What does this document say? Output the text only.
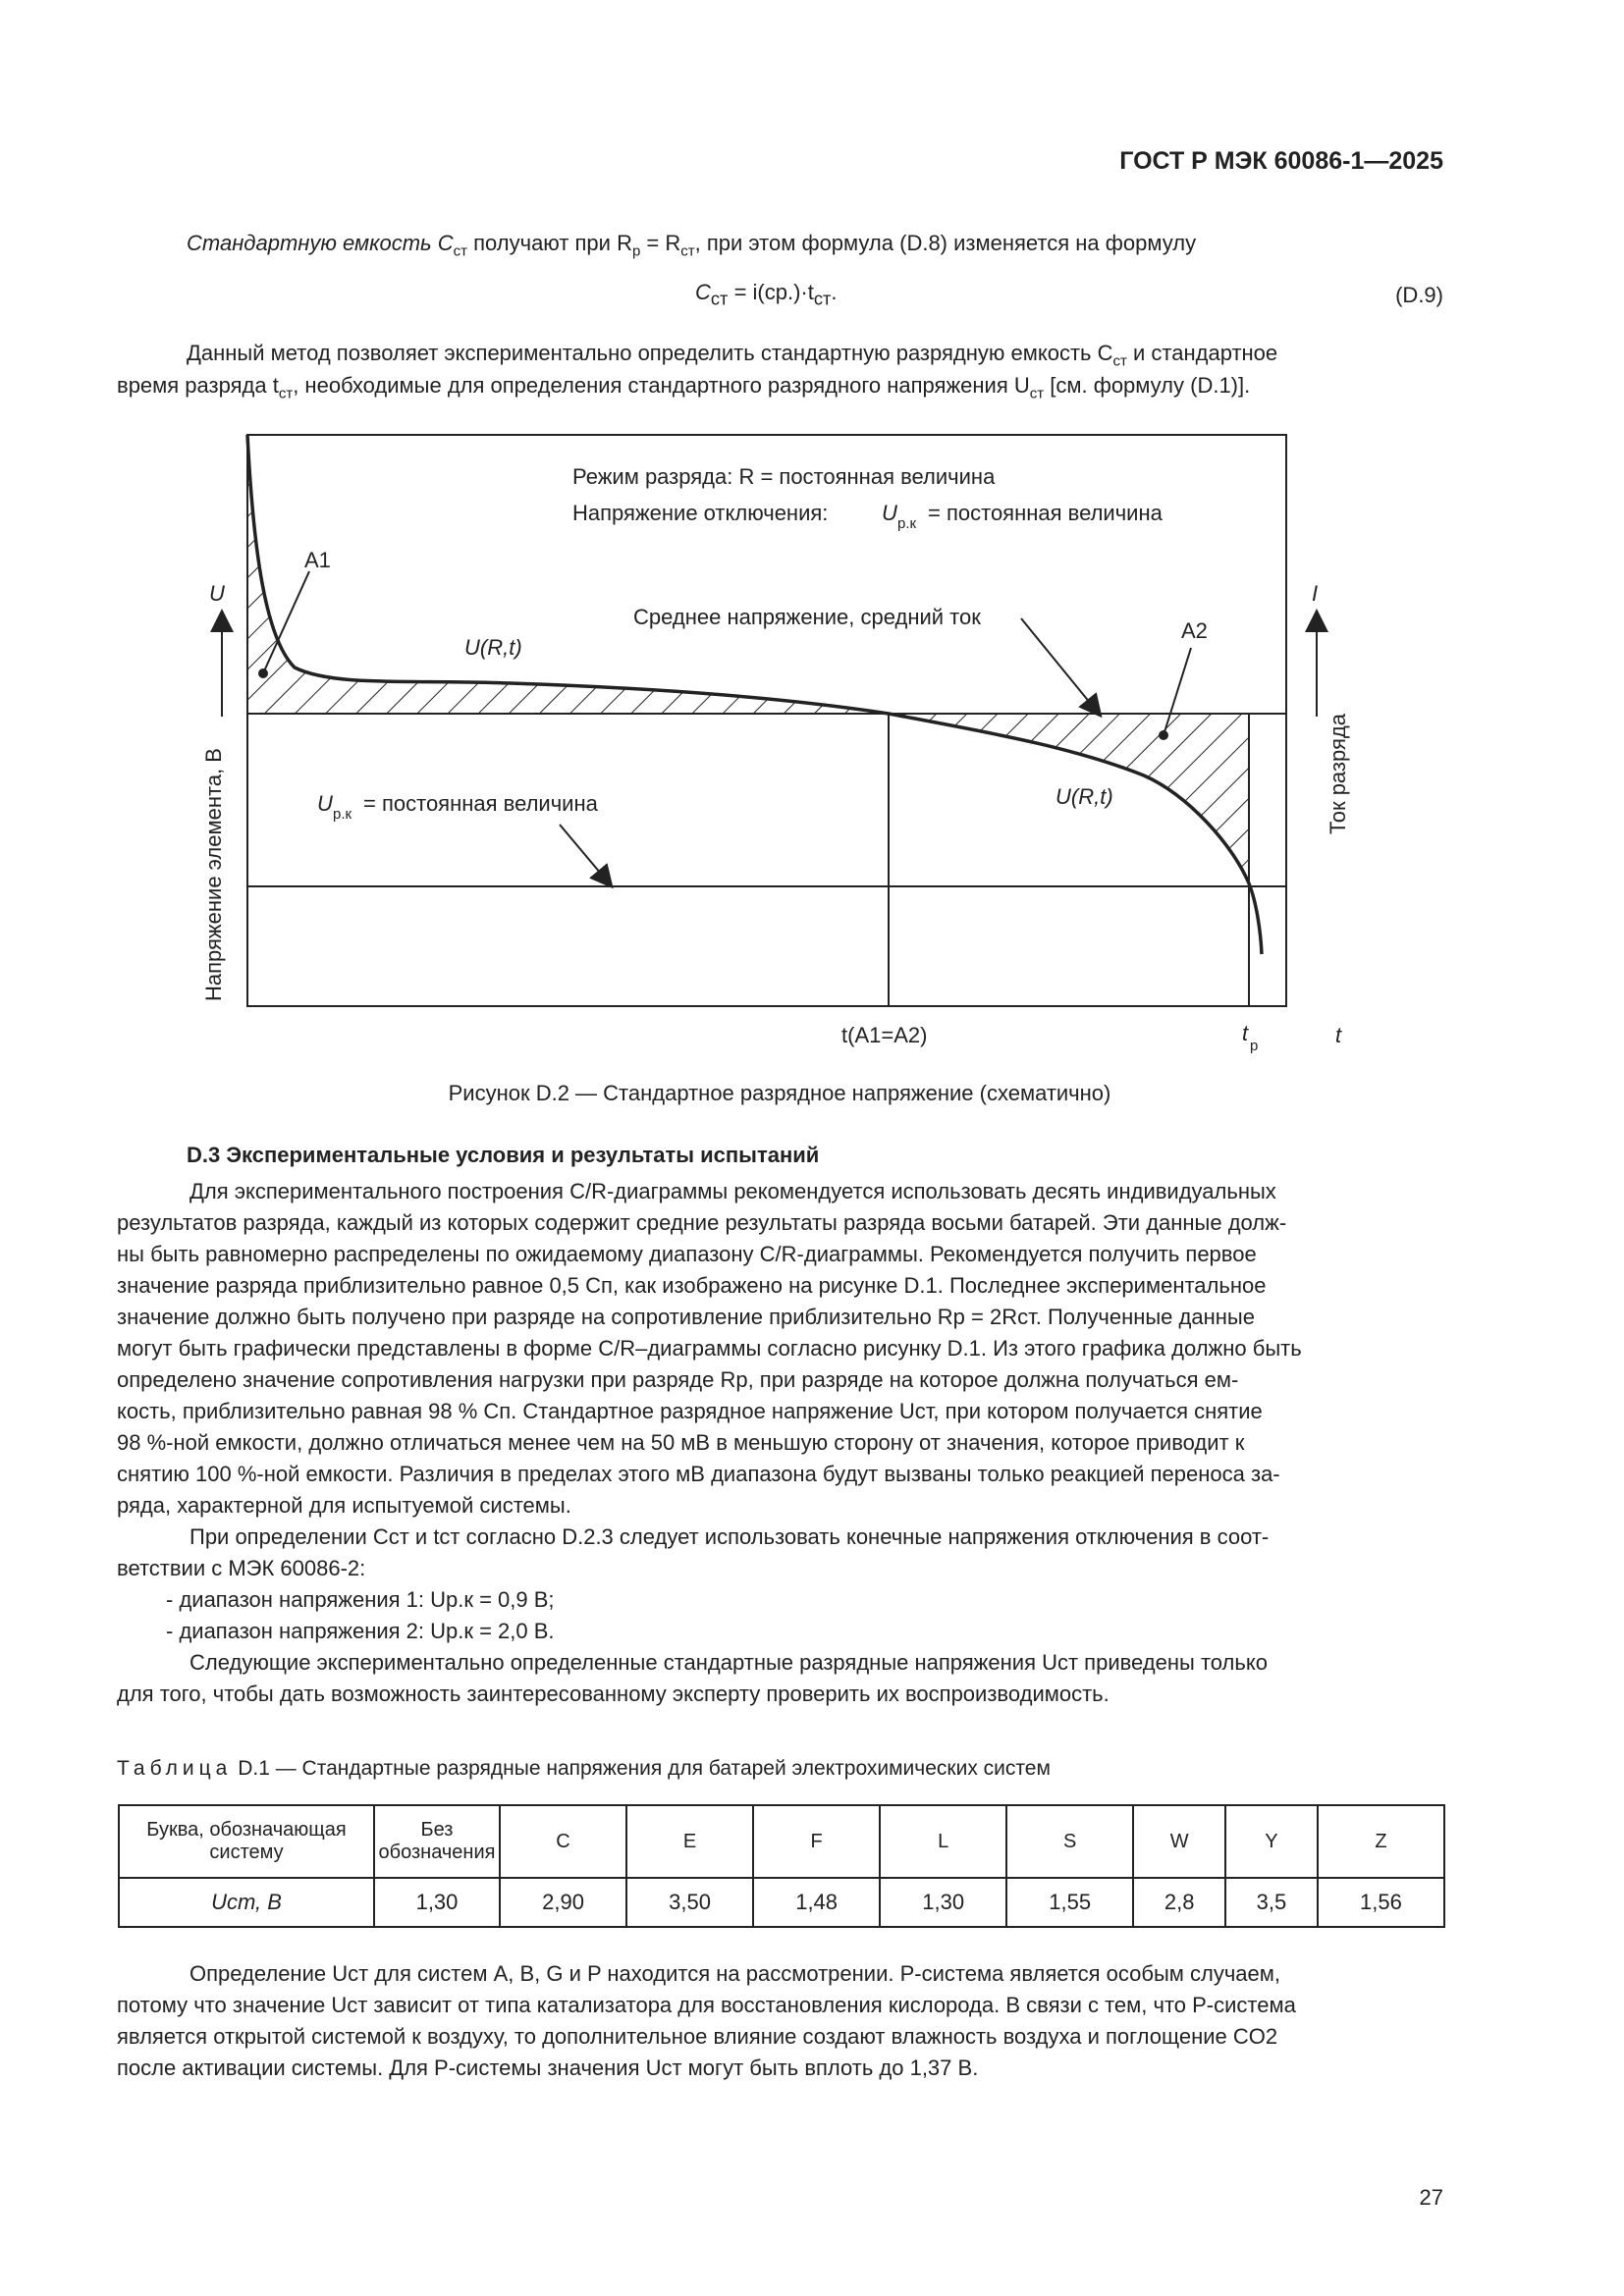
ГОСТ Р МЭК 60086-1—2025
Стандартную емкость $C_{ст}$ получают при $R_р = R_{ст}$, при этом формула (D.8) изменяется на формулу
$C_{ст} = i(ср.)\cdot t_{ст}$.	(D.9)
Данный метод позволяет экспериментально определить стандартную разрядную емкость $C_{ст}$ и стандартное
время разряда $t_{ст}$, необходимые для определения стандартного разрядного напряжения $U_{ст}$ [см. формулу (D.1)].
Режим разряда: R = постоянная величина
Напряжение отключения: U р.к = постоянная величина
Среднее напряжение, средний ток
A1
A2
U(R,t)
U(R,t)
U р.к = постоянная величина
U	I
Напряжение элемента, В	Ток разряда
t(A1=A2)	t
р	t
Рисунок D.2 — Стандартное разрядное напряжение (схематично)
D.3 Экспериментальные условия и результаты испытаний
Для экспериментального построения C/R-диаграммы рекомендуется использовать десять индивидуальных
результатов разряда, каждый из которых содержит средние результаты разряда восьми батарей. Эти данные долж-
ны быть равномерно распределены по ожидаемому диапазону C/R-диаграммы. Рекомендуется получить первое
значение разряда приблизительно равное 0,5 Cп, как изображено на рисунке D.1. Последнее экспериментальное
значение должно быть получено при разряде на сопротивление приблизительно Rр = 2Rст. Полученные данные
могут быть графически представлены в форме C/R–диаграммы согласно рисунку D.1. Из этого графика должно быть
определено значение сопротивления нагрузки при разряде Rр, при разряде на которое должна получаться ем-
кость, приблизительно равная 98 % Cп. Стандартное разрядное напряжение Uст, при котором получается снятие
98 %-ной емкости, должно отличаться менее чем на 50 мВ в меньшую сторону от значения, которое приводит к
снятию 100 %-ной емкости. Различия в пределах этого мВ диапазона будут вызваны только реакцией переноса за-
ряда, характерной для испытуемой системы.
При определении Cст и tст согласно D.2.3 следует использовать конечные напряжения отключения в соот-
ветствии с МЭК 60086-2:
- диапазон напряжения 1: Uр.к = 0,9 В;
- диапазон напряжения 2: Uр.к = 2,0 В.
Следующие экспериментально определенные стандартные разрядные напряжения Uст приведены только
для того, чтобы дать возможность заинтересованному эксперту проверить их воспроизводимость.
Таблица D.1 — Стандартные разрядные напряжения для батарей электрохимических систем
Буква, обозначающая систему	Без обозначения	C	E	F	L	S	W	Y	Z
Uст, В	1,30	2,90	3,50	1,48	1,30	1,55	2,8	3,5	1,56
Определение Uст для систем A, B, G и P находится на рассмотрении. P-система является особым случаем,
потому что значение Uст зависит от типа катализатора для восстановления кислорода. В связи с тем, что P-система
является открытой системой к воздуху, то дополнительное влияние создают влажность воздуха и поглощение CO2
после активации системы. Для P-системы значения Uст могут быть вплоть до 1,37 В.
27
